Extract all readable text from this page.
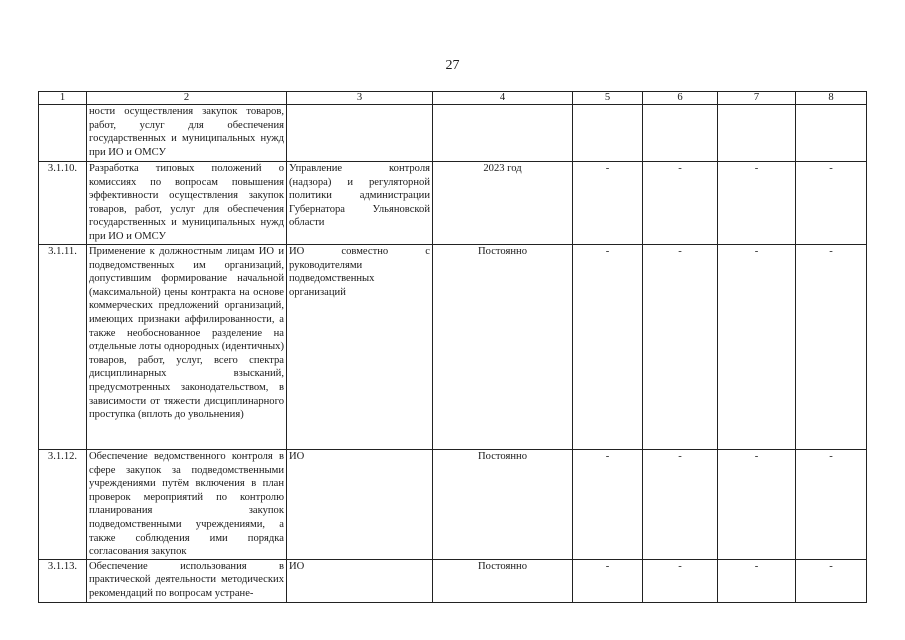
27
1	2	3	4	5	6	7	8
	ности осуществления закупок товаров, работ, услуг для обеспечения государственных и муниципальных нужд при ИО и ОМСУ						
3.1.10.	Разработка типовых положений о комиссиях по вопросам повышения эффективности осуществления закупок товаров, работ, услуг для обеспечения государственных и муниципальных нужд при ИО и ОМСУ	Управление контроля (надзора) и регуляторной политики администрации Губернатора Ульяновской области	2023 год	-	-	-	-
3.1.11.	Применение к должностным лицам ИО и подведомственных им организаций, допустившим формирование начальной (максимальной) цены контракта на основе коммерческих предложений организаций, имеющих признаки аффилированности, а также необоснованное разделение на отдельные лоты однородных (идентичных) товаров, работ, услуг, всего спектра дисциплинарных взысканий, предусмотренных законодательством, в зависимости от тяжести дисциплинарного проступка (вплоть до увольнения)	ИО совместно с руководителями подведомственных организаций	Постоянно	-	-	-	-
3.1.12.	Обеспечение ведомственного контроля в сфере закупок за подведомственными учреждениями путём включения в план проверок мероприятий по контролю планирования закупок подведомственными учреждениями, а также соблюдения ими порядка согласования закупок	ИО	Постоянно	-	-	-	-
3.1.13.	Обеспечение использования в практической деятельности методических рекомендаций по вопросам устране-	ИО	Постоянно	-	-	-	-
